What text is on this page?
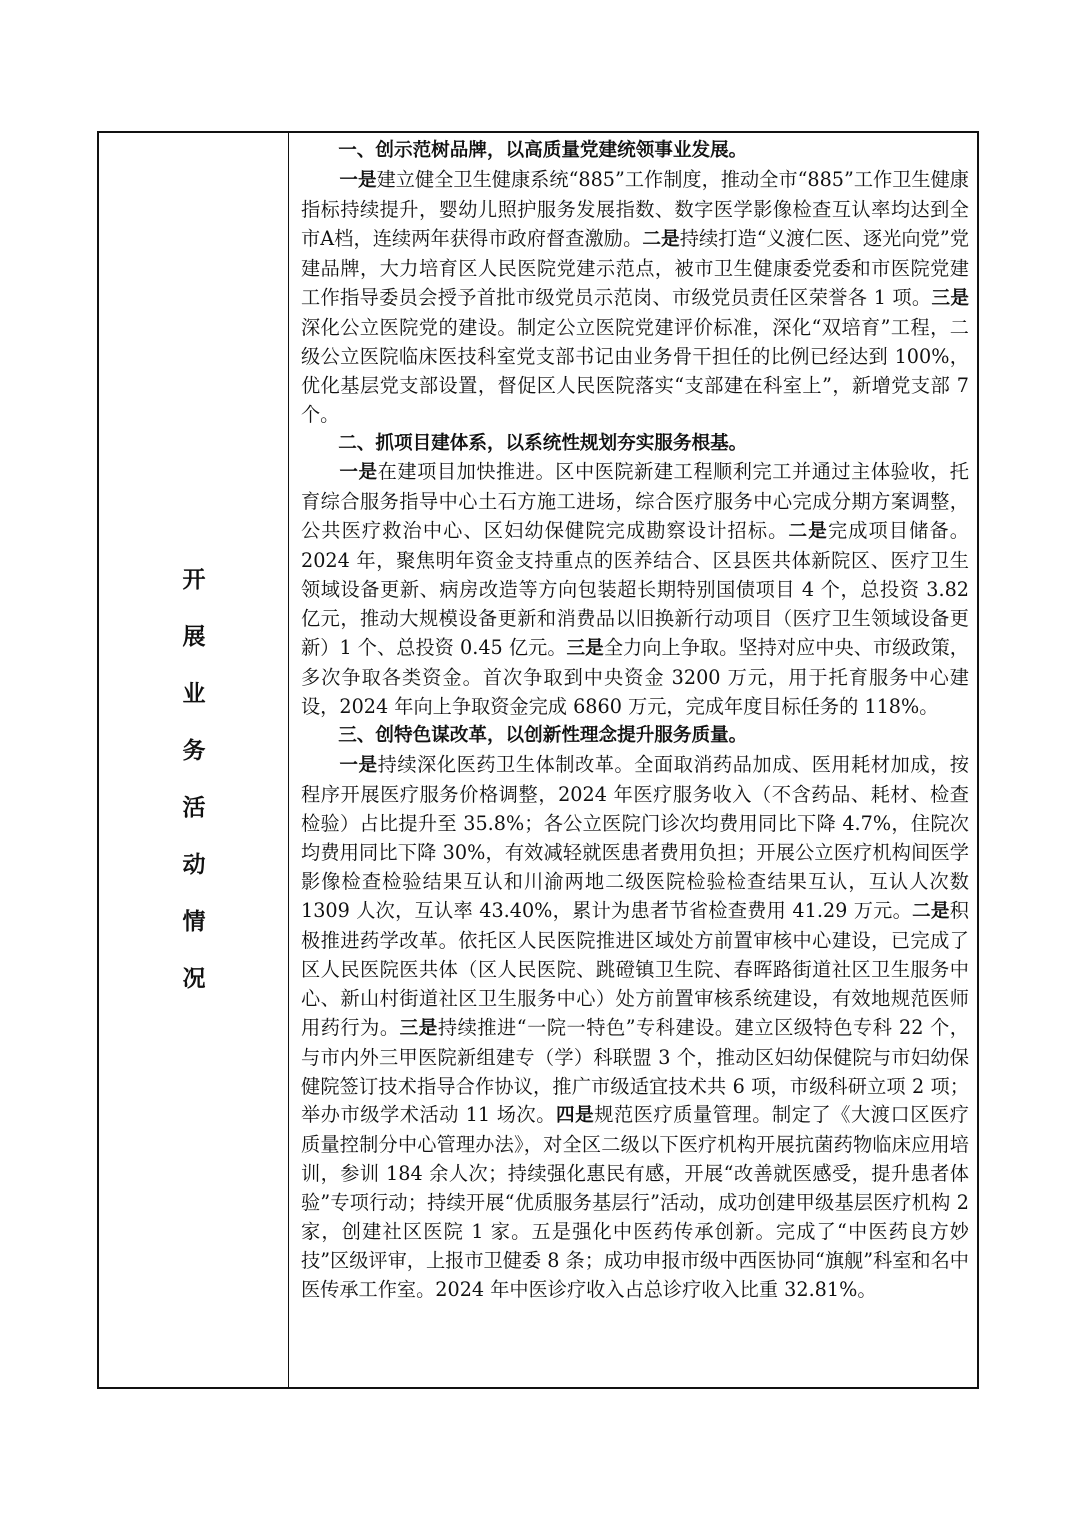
开
展
业
务
活
动
情
况

一、创示范树品牌，以高质量党建统领事业发展。

一是建立健全卫生健康系统“885”工作制度，推动全市“885”工作卫生健康指标持续提升，婴幼儿照护服务发展指数、数字医学影像检查互认率均达到全市A档，连续两年获得市政府督查激励。二是持续打造“义渡仁医、逐光向党”党建品牌，大力培育区人民医院党建示范点，被市卫生健康委党委和市医院党建工作指导委员会授予首批市级党员示范岗、市级党员责任区荣誉各 1 项。三是深化公立医院党的建设。制定公立医院党建评价标准，深化“双培育”工程，二级公立医院临床医技科室党支部书记由业务骨干担任的比例已经达到 100%，优化基层党支部设置，督促区人民医院落实“支部建在科室上”，新增党支部 7 个。

二、抓项目建体系，以系统性规划夯实服务根基。

一是在建项目加快推进。区中医院新建工程顺利完工并通过主体验收，托育综合服务指导中心土石方施工进场，综合医疗服务中心完成分期方案调整，公共医疗救治中心、区妇幼保健院完成勘察设计招标。二是完成项目储备。2024 年，聚焦明年资金支持重点的医养结合、区县医共体新院区、医疗卫生领域设备更新、病房改造等方向包装超长期特别国债项目 4 个，总投资 3.82 亿元，推动大规模设备更新和消费品以旧换新行动项目（医疗卫生领域设备更新）1 个、总投资 0.45 亿元。三是全力向上争取。坚持对应中央、市级政策，多次争取各类资金。首次争取到中央资金 3200 万元，用于托育服务中心建设，2024 年向上争取资金完成 6860 万元，完成年度目标任务的 118%。

三、创特色谋改革，以创新性理念提升服务质量。

一是持续深化医药卫生体制改革。全面取消药品加成、医用耗材加成，按程序开展医疗服务价格调整，2024 年医疗服务收入（不含药品、耗材、检查检验）占比提升至 35.8%；各公立医院门诊次均费用同比下降 4.7%，住院次均费用同比下降 30%，有效减轻就医患者费用负担；开展公立医疗机构间医学影像检查检验结果互认和川渝两地二级医院检验检查结果互认，互认人次数 1309 人次，互认率 43.40%，累计为患者节省检查费用 41.29 万元。二是积极推进药学改革。依托区人民医院推进区域处方前置审核中心建设，已完成了区人民医院医共体（区人民医院、跳磴镇卫生院、春晖路街道社区卫生服务中心、新山村街道社区卫生服务中心）处方前置审核系统建设，有效地规范医师用药行为。三是持续推进“一院一特色”专科建设。建立区级特色专科 22 个，与市内外三甲医院新组建专（学）科联盟 3 个，推动区妇幼保健院与市妇幼保健院签订技术指导合作协议，推广市级适宜技术共 6 项，市级科研立项 2 项；举办市级学术活动 11 场次。四是规范医疗质量管理。制定了《大渡口区医疗质量控制分中心管理办法》，对全区二级以下医疗机构开展抗菌药物临床应用培训，参训 184 余人次；持续强化惠民有感，开展“改善就医感受，提升患者体验”专项行动；持续开展“优质服务基层行”活动，成功创建甲级基层医疗机构 2 家，创建社区医院 1 家。五是强化中医药传承创新。完成了“中医药良方妙技”区级评审，上报市卫健委 8 条；成功申报市级中西医协同“旗舰”科室和名中医传承工作室。2024 年中医诊疗收入占总诊疗收入比重 32.81%。
